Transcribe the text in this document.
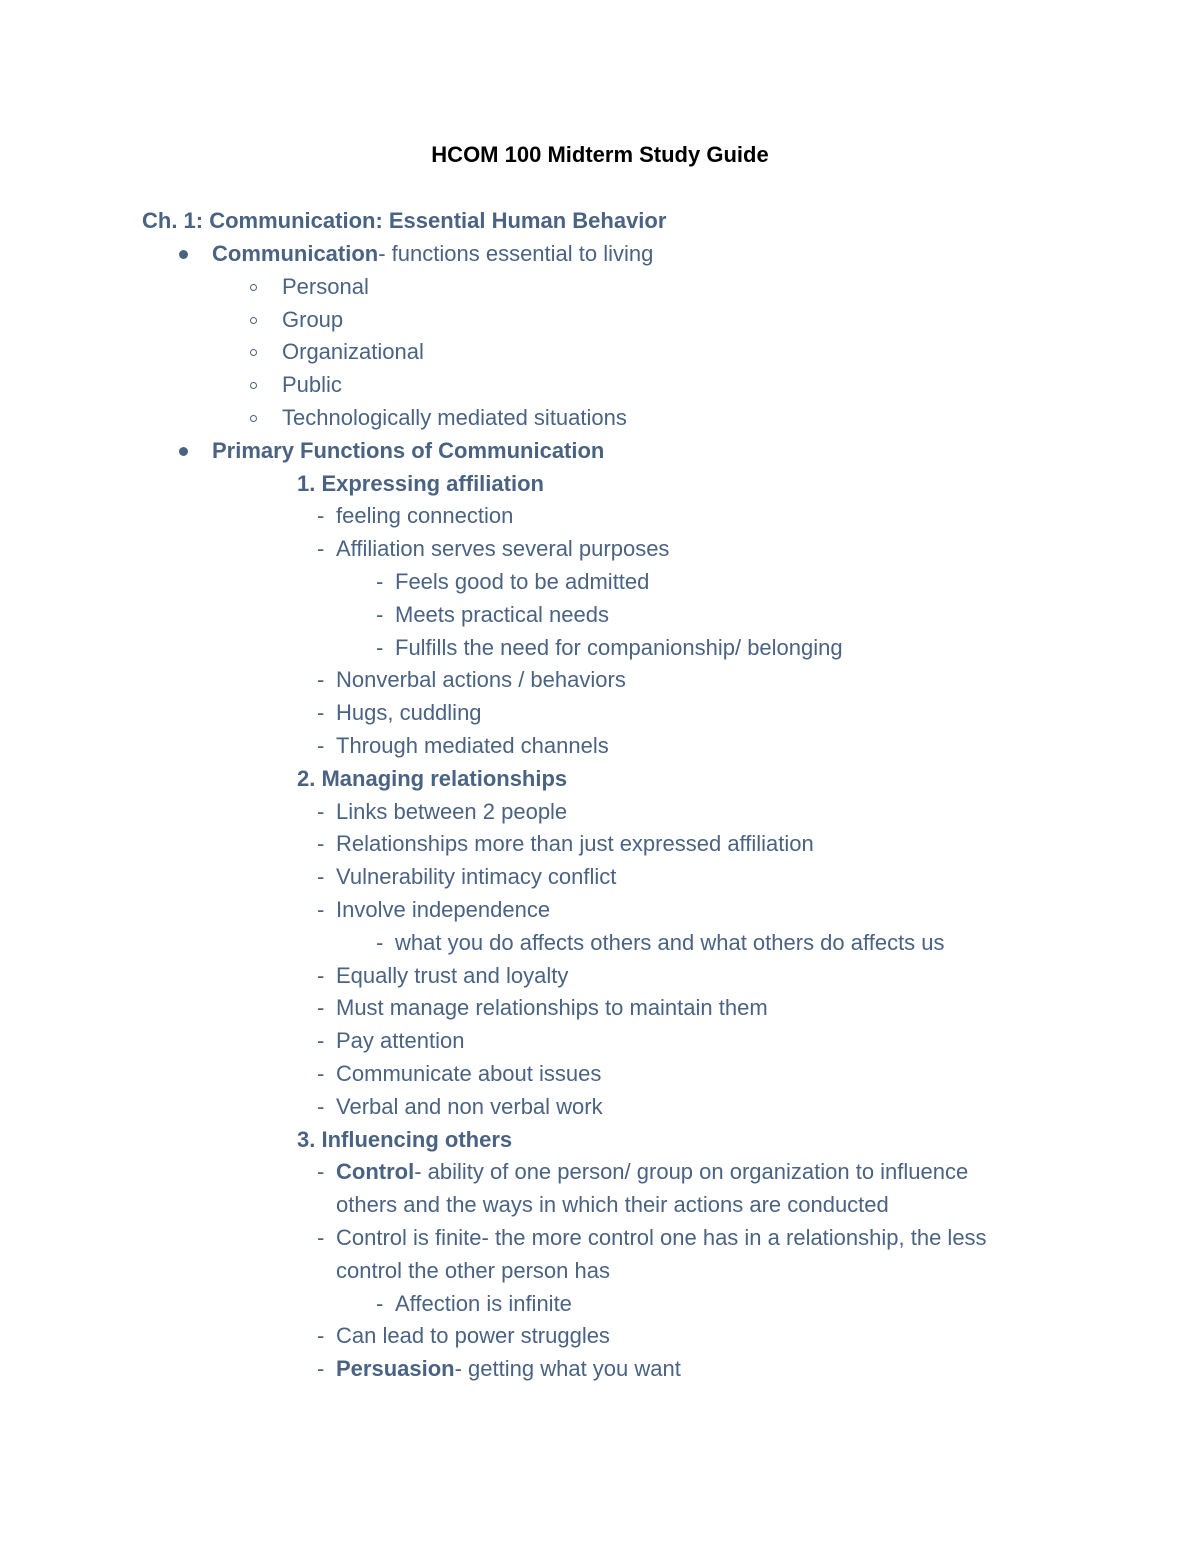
HCOM 100 Midterm Study Guide
Ch. 1: Communication: Essential Human Behavior
Communication- functions essential to living
Personal
Group
Organizational
Public
Technologically mediated situations
Primary Functions of Communication
1. Expressing affiliation
- feeling connection
- Affiliation serves several purposes
- Feels good to be admitted
- Meets practical needs
- Fulfills the need for companionship/ belonging
- Nonverbal actions / behaviors
- Hugs, cuddling
- Through mediated channels
2. Managing relationships
- Links between 2 people
- Relationships more than just expressed affiliation
- Vulnerability intimacy conflict
- Involve independence
- what you do affects others and what others do affects us
- Equally trust and loyalty
- Must manage relationships to maintain them
- Pay attention
- Communicate about issues
- Verbal and non verbal work
3. Influencing others
- Control- ability of one person/ group on organization to influence
others and the ways in which their actions are conducted
- Control is finite- the more control one has in a relationship, the less
control the other person has
- Affection is infinite
- Can lead to power struggles
- Persuasion- getting what you want
